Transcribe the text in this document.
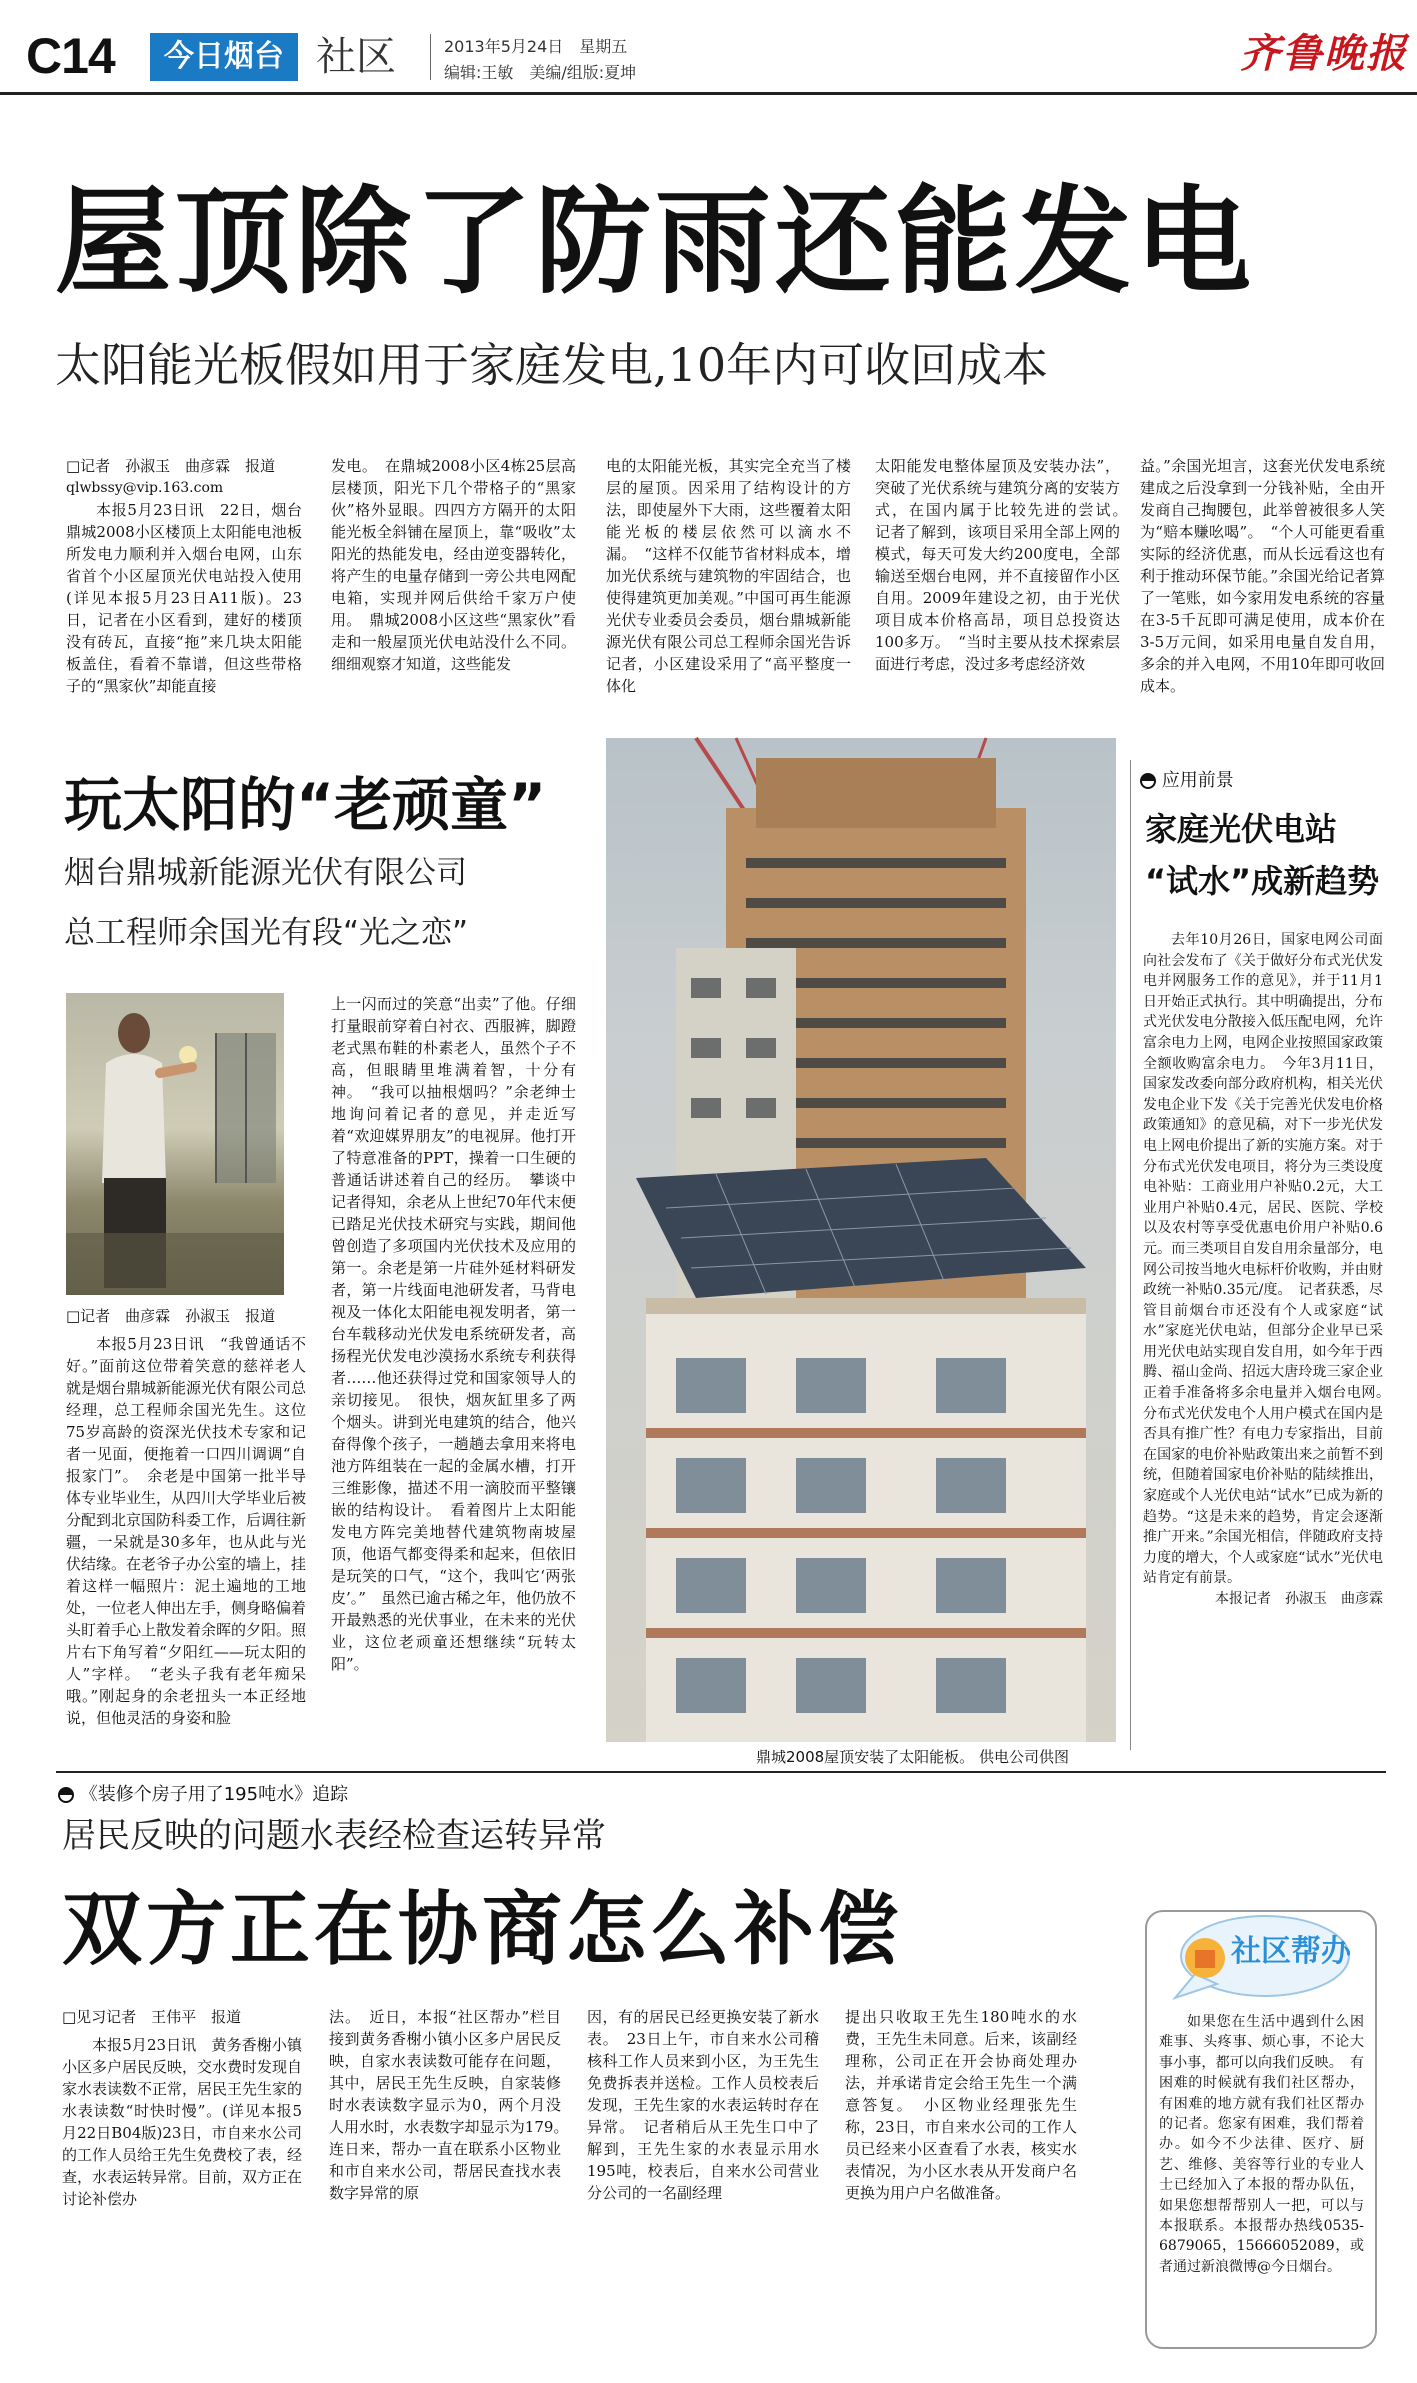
C14	今日烟台 社区	2013年5月24日　星期五
编辑:王敏　美编/组版:夏坤	齐鲁晚报
屋顶除了防雨还能发电
太阳能光板假如用于家庭发电,10年内可收回成本

□记者　孙淑玉　曲彦霖　报道

qlwbssy@vip.163.com

本报5月23日讯　22日，烟台鼎城2008小区楼顶上太阳能电池板所发电力顺利并入烟台电网，山东省首个小区屋顶光伏电站投入使用(详见本报5月23日A11版)。23日，记者在小区看到，建好的楼顶没有砖瓦，直接“拖”来几块太阳能板盖住，看着不靠谱，但这些带格子的“黑家伙”却能直接

发电。　在鼎城2008小区4栋25层高层楼顶，阳光下几个带格子的“黑家伙”格外显眼。四四方方隔开的太阳能光板全斜铺在屋顶上，靠“吸收”太阳光的热能发电，经由逆变器转化，将产生的电量存储到一旁公共电网配电箱，实现并网后供给千家万户使用。　鼎城2008小区这些“黑家伙”看走和一般屋顶光伏电站没什么不同。细细观察才知道，这些能发

电的太阳能光板，其实完全充当了楼层的屋顶。因采用了结构设计的方法，即使屋外下大雨，这些覆着太阳能光板的楼层依然可以滴水不漏。　“这样不仅能节省材料成本，增加光伏系统与建筑物的牢固结合，也使得建筑更加美观。”中国可再生能源光伏专业委员会委员，烟台鼎城新能源光伏有限公司总工程师余国光告诉记者，小区建设采用了“高平整度一体化

太阳能发电整体屋顶及安装办法”，突破了光伏系统与建筑分离的安装方式，在国内属于比较先进的尝试。　记者了解到，该项目采用全部上网的模式，每天可发大约200度电，全部输送至烟台电网，并不直接留作小区自用。2009年建设之初，由于光伏项目成本价格高昂，项目总投资达100多万。　“当时主要从技术探索层面进行考虑，没过多考虑经济效

益。”余国光坦言，这套光伏发电系统建成之后没拿到一分钱补贴，全由开发商自己掏腰包，此举曾被很多人笑为“赔本赚吆喝”。　“个人可能更看重实际的经济优惠，而从长远看这也有利于推动环保节能。”余国光给记者算了一笔账，如今家用发电系统的容量在3-5千瓦即可满足使用，成本价在3-5万元间，如采用电量自发自用，多余的并入电网，不用10年即可收回成本。

玩太阳的“老顽童”
烟台鼎城新能源光伏有限公司
总工程师余国光有段“光之恋”

□记者　曲彦霖　孙淑玉　报道

本报5月23日讯　“我曾通话不好。”面前这位带着笑意的慈祥老人就是烟台鼎城新能源光伏有限公司总经理，总工程师余国光先生。这位75岁高龄的资深光伏技术专家和记者一见面，便拖着一口四川调调“自报家门”。　余老是中国第一批半导体专业毕业生，从四川大学毕业后被分配到北京国防科委工作，后调往新疆，一呆就是30多年，也从此与光伏结缘。在老爷子办公室的墙上，挂着这样一幅照片：泥土遍地的工地处，一位老人伸出左手，侧身略偏着头盯着手心上散发着余晖的夕阳。照片右下角写着“夕阳红——玩太阳的人”字样。　“老头子我有老年痴呆哦。”刚起身的余老扭头一本正经地说，但他灵活的身姿和脸

上一闪而过的笑意“出卖”了他。仔细打量眼前穿着白衬衣、西服裤，脚蹬老式黑布鞋的朴素老人，虽然个子不高，但眼睛里堆满着智，十分有神。　“我可以抽根烟吗？”余老绅士地询问着记者的意见，并走近写着“欢迎媒界朋友”的电视屏。他打开了特意准备的PPT，操着一口生硬的普通话讲述着自己的经历。　攀谈中记者得知，余老从上世纪70年代末便已踏足光伏技术研究与实践，期间他曾创造了多项国内光伏技术及应用的第一。余老是第一片硅外延材料研发者，第一片线面电池研发者，马背电视及一体化太阳能电视发明者，第一台车载移动光伏发电系统研发者，高扬程光伏发电沙漠扬水系统专利获得者……他还获得过党和国家领导人的亲切接见。　很快，烟灰缸里多了两个烟头。讲到光电建筑的结合，他兴奋得像个孩子，一趟趟去拿用来将电池方阵组装在一起的金属水槽，打开三维影像，描述不用一滴胶而平整镶嵌的结构设计。　看着图片上太阳能发电方阵完美地替代建筑物南坡屋顶，他语气都变得柔和起来，但依旧是玩笑的口气，“这个，我叫它‘两张皮’。”　虽然已逾古稀之年，他仍放不开最熟悉的光伏事业，在未来的光伏业，这位老顽童还想继续“玩转太阳”。

鼎城2008屋顶安装了太阳能板。 供电公司供图
应用前景
家庭光伏电站
“试水”成新趋势

去年10月26日，国家电网公司面向社会发布了《关于做好分布式光伏发电并网服务工作的意见》，并于11月1日开始正式执行。其中明确提出，分布式光伏发电分散接入低压配电网，允许富余电力上网，电网企业按照国家政策全额收购富余电力。　今年3月11日，国家发改委向部分政府机构，相关光伏发电企业下发《关于完善光伏发电价格政策通知》的意见稿，对下一步光伏发电上网电价提出了新的实施方案。对于分布式光伏发电项目，将分为三类设度电补贴：工商业用户补贴0.2元，大工业用户补贴0.4元，居民、医院、学校以及农村等享受优惠电价用户补贴0.6元。而三类项目自发自用余量部分，电网公司按当地火电标杆价收购，并由财政统一补贴0.35元/度。　记者获悉，尽管目前烟台市还没有个人或家庭“试水”家庭光伏电站，但部分企业早已采用光伏电站实现自发自用，如今年于西腾、福山金尚、招远大唐玲珑三家企业正着手准备将多余电量并入烟台电网。　分布式光伏发电个人用户模式在国内是否具有推广性？有电力专家指出，目前在国家的电价补贴政策出来之前暂不到统，但随着国家电价补贴的陆续推出，家庭或个人光伏电站“试水”已成为新的趋势。“这是未来的趋势，肯定会逐渐推广开来。”余国光相信，伴随政府支持力度的增大，个人或家庭“试水”光伏电站肯定有前景。

本报记者　孙淑玉　曲彦霖

《装修个房子用了195吨水》追踪
居民反映的问题水表经检查运转异常
双方正在协商怎么补偿

□见习记者　王伟平　报道

本报5月23日讯　黄务香榭小镇小区多户居民反映，交水费时发现自家水表读数不正常，居民王先生家的水表读数“时快时慢”。(详见本报5月22日B04版)23日，市自来水公司的工作人员给王先生免费校了表，经查，水表运转异常。目前，双方正在讨论补偿办

法。　近日，本报“社区帮办”栏目接到黄务香榭小镇小区多户居民反映，自家水表读数可能存在问题，其中，居民王先生反映，自家装修时水表读数字显示为0，两个月没人用水时，水表数字却显示为179。　连日来，帮办一直在联系小区物业和市自来水公司，帮居民查找水表数字异常的原

因，有的居民已经更换安装了新水表。　23日上午，市自来水公司稽核科工作人员来到小区，为王先生免费拆表并送检。工作人员校表后发现，王先生家的水表运转时存在异常。　记者稍后从王先生口中了解到，王先生家的水表显示用水195吨，校表后，自来水公司营业分公司的一名副经理

提出只收取王先生180吨水的水费，王先生未同意。后来，该副经理称，公司正在开会协商处理办法，并承诺肯定会给王先生一个满意答复。　小区物业经理张先生称，23日，市自来水公司的工作人员已经来小区查看了水表，核实水表情况，为小区水表从开发商户名更换为用户户名做准备。

社区帮办

如果您在生活中遇到什么困难事、头疼事、烦心事，不论大事小事，都可以向我们反映。　有困难的时候就有我们社区帮办，有困难的地方就有我们社区帮办的记者。您家有困难，我们帮着办。如今不少法律、医疗、厨艺、维修、美容等行业的专业人士已经加入了本报的帮办队伍，如果您想帮帮别人一把，可以与本报联系。本报帮办热线0535-6879065，15666052089，或者通过新浪微博@今日烟台。
